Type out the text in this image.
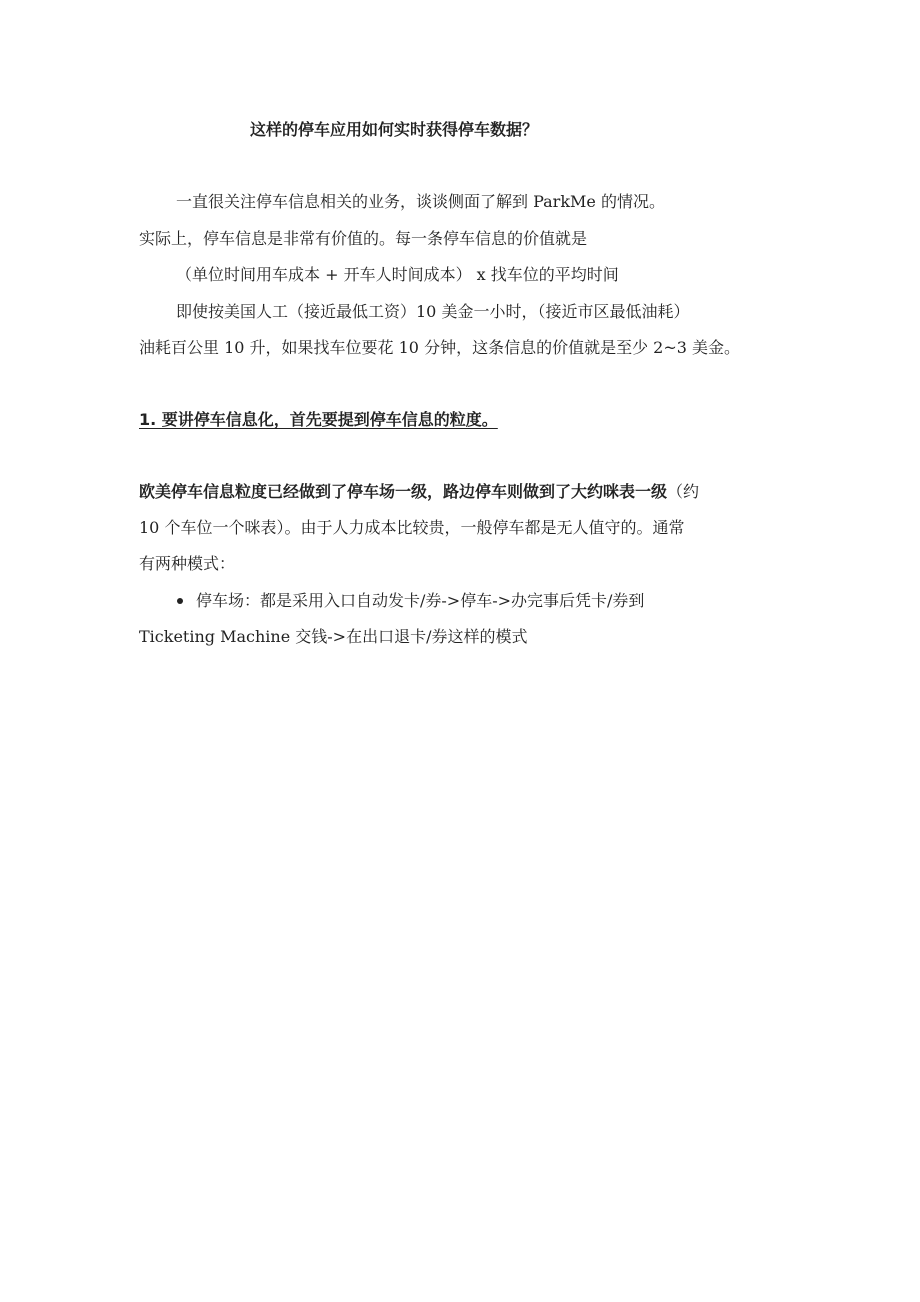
这样的停车应用如何实时获得停车数据？
一直很关注停车信息相关的业务，谈谈侧面了解到 ParkMe 的情况。
实际上，停车信息是非常有价值的。每一条停车信息的价值就是
（单位时间用车成本 + 开车人时间成本） x 找车位的平均时间
即使按美国人工（接近最低工资）10 美金一小时，（接近市区最低油耗）
油耗百公里 10 升，如果找车位要花 10 分钟，这条信息的价值就是至少 2~3 美金。
1. 要讲停车信息化，首先要提到停车信息的粒度。
欧美停车信息粒度已经做到了停车场一级，路边停车则做到了大约咪表一级（约
10 个车位一个咪表）。由于人力成本比较贵，一般停车都是无人值守的。通常
有两种模式：
停车场：都是采用入口自动发卡/券->停车->办完事后凭卡/券到
Ticketing Machine 交钱->在出口退卡/券这样的模式
